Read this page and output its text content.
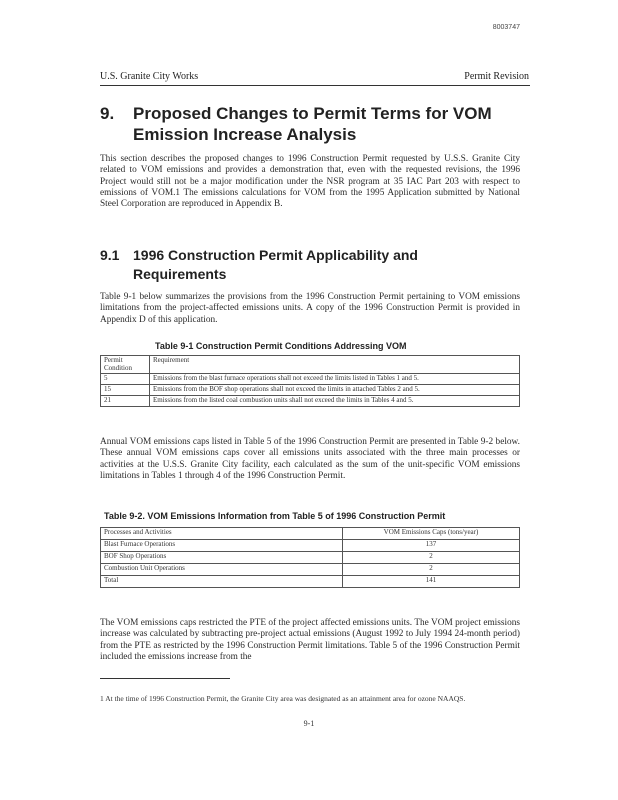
8003747
U.S. Granite City Works	Permit Revision
9. Proposed Changes to Permit Terms for VOM Emission Increase Analysis
This section describes the proposed changes to 1996 Construction Permit requested by U.S.S. Granite City related to VOM emissions and provides a demonstration that, even with the requested revisions, the 1996 Project would still not be a major modification under the NSR program at 35 IAC Part 203 with respect to emissions of VOM.1 The emissions calculations for VOM from the 1995 Application submitted by National Steel Corporation are reproduced in Appendix B.
9.1 1996 Construction Permit Applicability and Requirements
Table 9-1 below summarizes the provisions from the 1996 Construction Permit pertaining to VOM emissions limitations from the project-affected emissions units. A copy of the 1996 Construction Permit is provided in Appendix D of this application.
Table 9-1 Construction Permit Conditions Addressing VOM
Permit Condition	Requirement
5	Emissions from the blast furnace operations shall not exceed the limits listed in Tables 1 and 5.
15	Emissions from the BOF shop operations shall not exceed the limits in attached Tables 2 and 5.
21	Emissions from the listed coal combustion units shall not exceed the limits in Tables 4 and 5.
Annual VOM emissions caps listed in Table 5 of the 1996 Construction Permit are presented in Table 9-2 below. These annual VOM emissions caps cover all emissions units associated with the three main processes or activities at the U.S.S. Granite City facility, each calculated as the sum of the unit-specific VOM emissions limitations in Tables 1 through 4 of the 1996 Construction Permit.
Table 9-2. VOM Emissions Information from Table 5 of 1996 Construction Permit
Processes and Activities	VOM Emissions Caps (tons/year)
Blast Furnace Operations	137
BOF Shop Operations	2
Combustion Unit Operations	2
Total	141
The VOM emissions caps restricted the PTE of the project affected emissions units. The VOM project emissions increase was calculated by subtracting pre-project actual emissions (August 1992 to July 1994 24-month period) from the PTE as restricted by the 1996 Construction Permit limitations. Table 5 of the 1996 Construction Permit included the emissions increase from the
1 At the time of 1996 Construction Permit, the Granite City area was designated as an attainment area for ozone NAAQS.
9-1
